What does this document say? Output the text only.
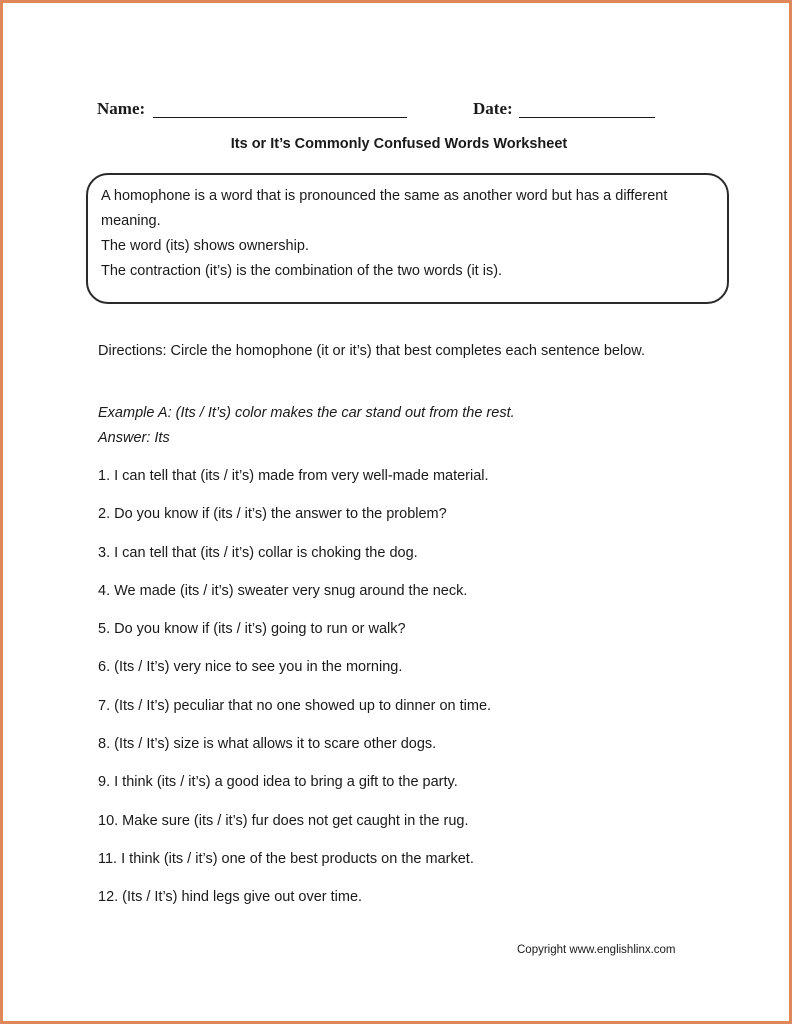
Name:	Date:
Its or It’s Commonly Confused Words Worksheet

A homophone is a word that is pronounced the same as another word but has a different meaning.

The word (its) shows ownership.

The contraction (it’s) is the combination of the two words (it is).

Directions: Circle the homophone (it or it’s) that best completes each sentence below.

Example A: (Its / It’s) color makes the car stand out from the rest.

Answer: Its

1. I can tell that (its / it’s) made from very well-made material.
2. Do you know if (its / it’s) the answer to the problem?
3. I can tell that (its / it’s) collar is choking the dog.
4. We made (its / it’s) sweater very snug around the neck.
5. Do you know if (its / it’s) going to run or walk?
6. (Its / It’s) very nice to see you in the morning.
7. (Its / It’s) peculiar that no one showed up to dinner on time.
8. (Its / It’s) size is what allows it to scare other dogs.
9. I think (its / it’s) a good idea to bring a gift to the party.
10. Make sure (its / it’s) fur does not get caught in the rug.
11. I think (its / it’s) one of the best products on the market.
12. (Its / It’s) hind legs give out over time.
Copyright www.englishlinx.com
